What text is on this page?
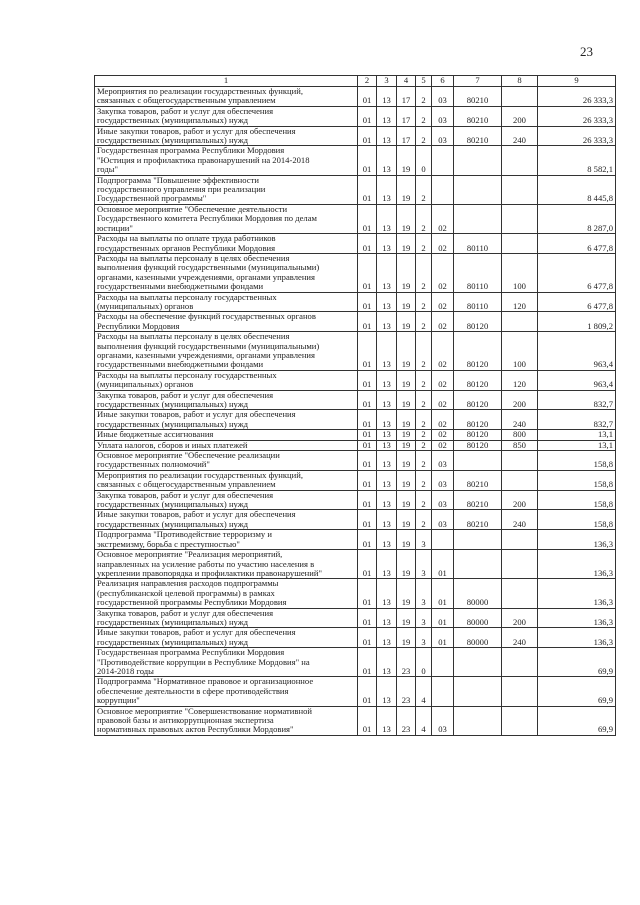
23
1	2	3	4	5	6	7	8	9
Мероприятия по реализации государственных функций,
связанных с общегосударственным управлением	01	13	17	2	03	80210		26 333,3
Закупка товаров, работ и услуг для обеспечения
государственных (муниципальных) нужд	01	13	17	2	03	80210	200	26 333,3
Иные закупки товаров, работ и услуг для обеспечения
государственных (муниципальных) нужд	01	13	17	2	03	80210	240	26 333,3
Государственная программа Республики Мордовия
"Юстиция и профилактика правонарушений на 2014-2018
годы"	01	13	19	0				8 582,1
Подпрограмма "Повышение эффективности
государственного управления при реализации
Государственной программы"	01	13	19	2				8 445,8
Основное мероприятие "Обеспечение деятельности
Государственного комитета Республики Мордовия по делам
юстиции"	01	13	19	2	02			8 287,0
Расходы на выплаты по оплате труда работников
государственных органов Республики Мордовия	01	13	19	2	02	80110		6 477,8
Расходы на выплаты персоналу в целях обеспечения
выполнения функций государственными (муниципальными)
органами, казенными учреждениями, органами управления
государственными внебюджетными фондами	01	13	19	2	02	80110	100	6 477,8
Расходы на выплаты персоналу государственных
(муниципальных) органов	01	13	19	2	02	80110	120	6 477,8
Расходы на обеспечение функций государственных органов
Республики Мордовия	01	13	19	2	02	80120		1 809,2
Расходы на выплаты персоналу в целях обеспечения
выполнения функций государственными (муниципальными)
органами, казенными учреждениями, органами управления
государственными внебюджетными фондами	01	13	19	2	02	80120	100	963,4
Расходы на выплаты персоналу государственных
(муниципальных) органов	01	13	19	2	02	80120	120	963,4
Закупка товаров, работ и услуг для обеспечения
государственных (муниципальных) нужд	01	13	19	2	02	80120	200	832,7
Иные закупки товаров, работ и услуг для обеспечения
государственных (муниципальных) нужд	01	13	19	2	02	80120	240	832,7
Иные бюджетные ассигнования	01	13	19	2	02	80120	800	13,1
Уплата налогов, сборов и иных платежей	01	13	19	2	02	80120	850	13,1
Основное мероприятие "Обеспечение реализации
государственных полномочий"	01	13	19	2	03			158,8
Мероприятия по реализации государственных функций,
связанных с общегосударственным управлением	01	13	19	2	03	80210		158,8
Закупка товаров, работ и услуг для обеспечения
государственных (муниципальных) нужд	01	13	19	2	03	80210	200	158,8
Иные закупки товаров, работ и услуг для обеспечения
государственных (муниципальных) нужд	01	13	19	2	03	80210	240	158,8
Подпрограмма "Противодействие терроризму и
экстремизму, борьба с преступностью"	01	13	19	3				136,3
Основное мероприятие "Реализация мероприятий,
направленных на усиление работы по участию населения в
укреплении правопорядка и профилактики правонарушений"	01	13	19	3	01			136,3
Реализация направления расходов подпрограммы
(республиканской целевой программы) в рамках
государственной программы Республики Мордовия	01	13	19	3	01	80000		136,3
Закупка товаров, работ и услуг для обеспечения
государственных (муниципальных) нужд	01	13	19	3	01	80000	200	136,3
Иные закупки товаров, работ и услуг для обеспечения
государственных (муниципальных) нужд	01	13	19	3	01	80000	240	136,3
Государственная программа Республики Мордовия
"Противодействие коррупции в Республике Мордовия" на
2014-2018 годы	01	13	23	0				69,9
Подпрограмма "Нормативное правовое и организационное
обеспечение деятельности в сфере противодействия
коррупции"	01	13	23	4				69,9
Основное мероприятие "Совершенствование нормативной
правовой базы и антикоррупционная экспертиза
нормативных правовых актов Республики Мордовия"	01	13	23	4	03			69,9
